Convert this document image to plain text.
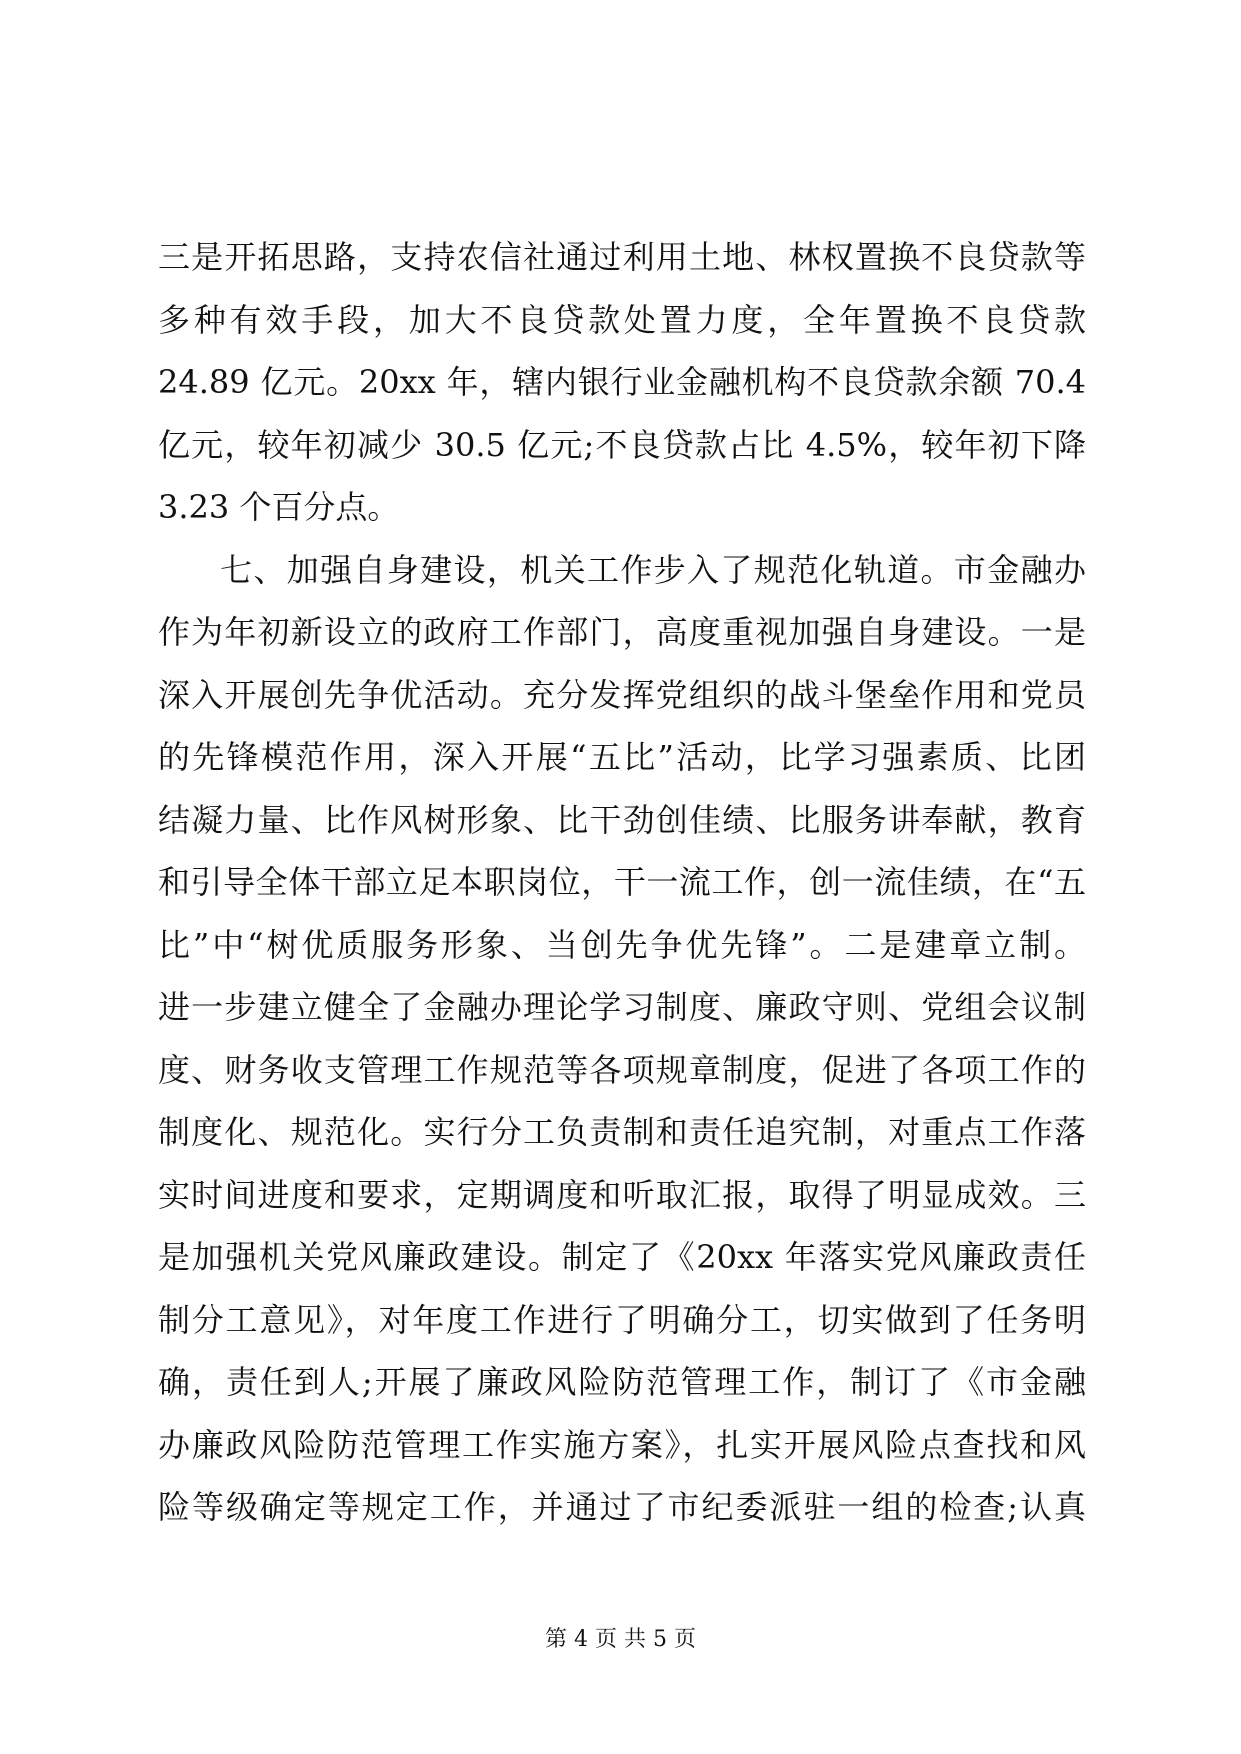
三是开拓思路，支持农信社通过利用土地、林权置换不良贷款等
多种有效手段，加大不良贷款处置力度，全年置换不良贷款
24.89 亿元。20xx 年，辖内银行业金融机构不良贷款余额 70.4
亿元，较年初减少 30.5 亿元;不良贷款占比 4.5%，较年初下降
3.23 个百分点。
七、加强自身建设，机关工作步入了规范化轨道。市金融办
作为年初新设立的政府工作部门，高度重视加强自身建设。一是
深入开展创先争优活动。充分发挥党组织的战斗堡垒作用和党员
的先锋模范作用，深入开展“五比”活动，比学习强素质、比团
结凝力量、比作风树形象、比干劲创佳绩、比服务讲奉献，教育
和引导全体干部立足本职岗位，干一流工作，创一流佳绩，在“五
比”中“树优质服务形象、当创先争优先锋”。二是建章立制。
进一步建立健全了金融办理论学习制度、廉政守则、党组会议制
度、财务收支管理工作规范等各项规章制度，促进了各项工作的
制度化、规范化。实行分工负责制和责任追究制，对重点工作落
实时间进度和要求，定期调度和听取汇报，取得了明显成效。三
是加强机关党风廉政建设。制定了《20xx 年落实党风廉政责任
制分工意见》，对年度工作进行了明确分工，切实做到了任务明
确，责任到人;开展了廉政风险防范管理工作，制订了《市金融
办廉政风险防范管理工作实施方案》，扎实开展风险点查找和风
险等级确定等规定工作，并通过了市纪委派驻一组的检查;认真
第 4 页 共 5 页
